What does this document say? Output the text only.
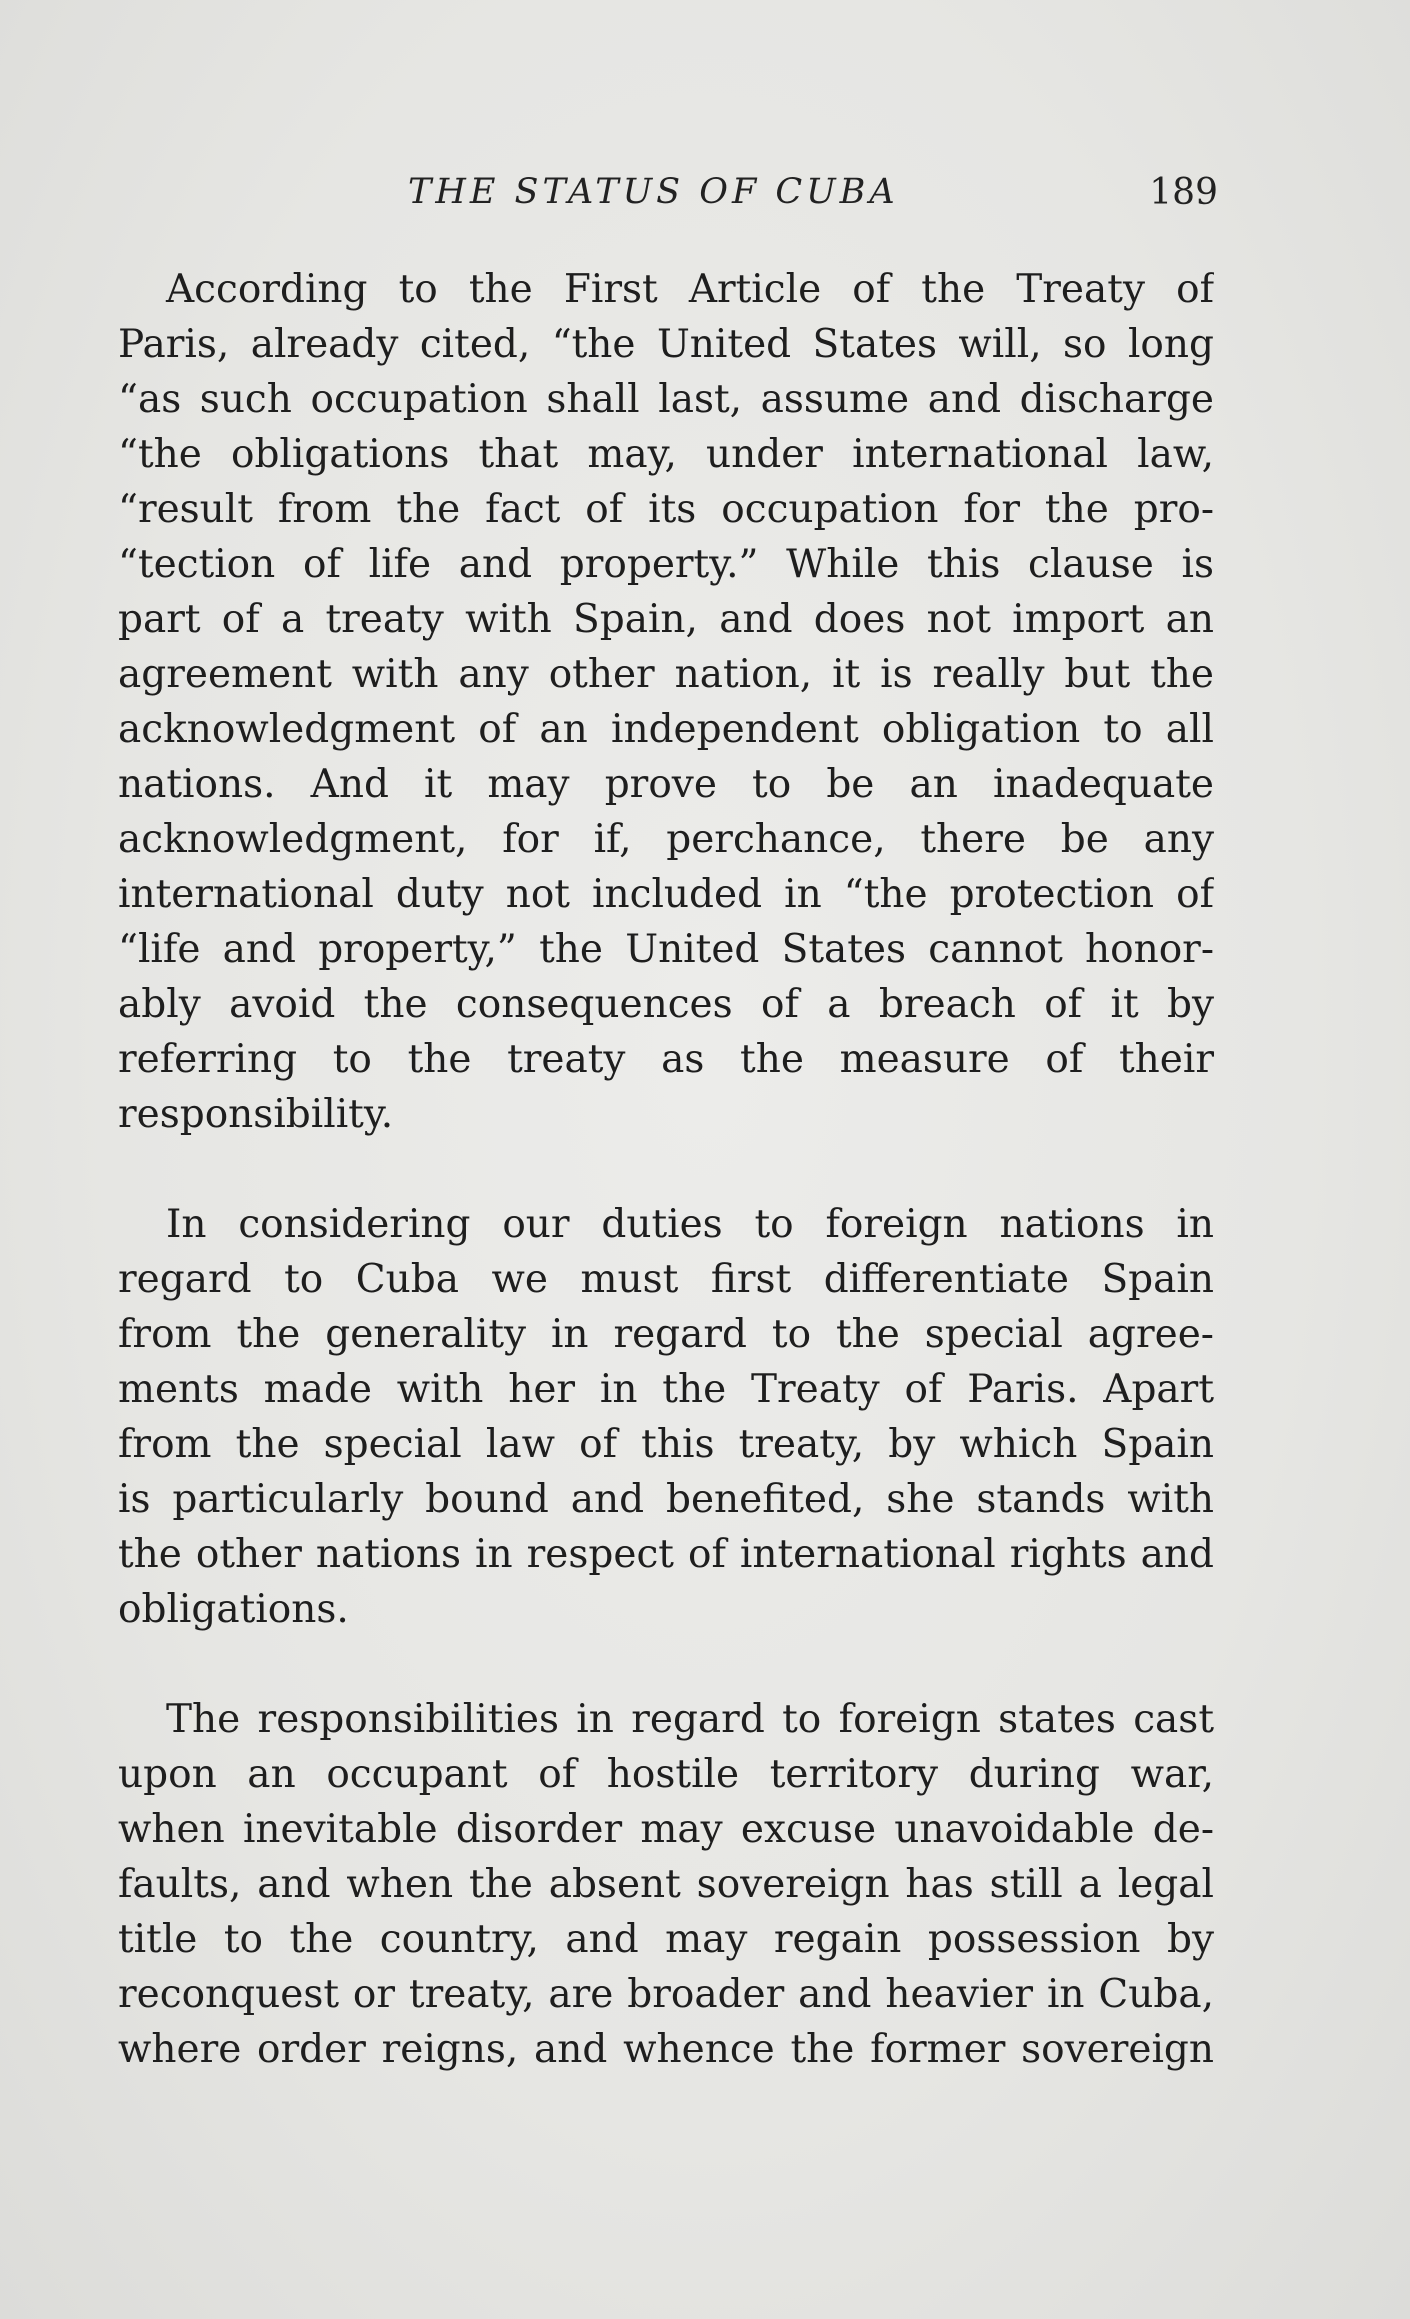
THE STATUS OF CUBA	189
According to the First Article of the Treaty of
Paris, already cited, “the United States will, so long
“as such occupation shall last, assume and discharge
“the obligations that may, under international law,
“result from the fact of its occupation for the pro-
“tection of life and property.” While this clause is
part of a treaty with Spain, and does not import an
agreement with any other nation, it is really but the
acknowledgment of an independent obligation to all
nations. And it may prove to be an inadequate
acknowledgment, for if, perchance, there be any
international duty not included in “the protection of
“life and property,” the United States cannot honor-
ably avoid the consequences of a breach of it by
referring to the treaty as the measure of their
responsibility.
In considering our duties to foreign nations in
regard to Cuba we must first differentiate Spain
from the generality in regard to the special agree-
ments made with her in the Treaty of Paris. Apart
from the special law of this treaty, by which Spain
is particularly bound and benefited, she stands with
the other nations in respect of international rights and
obligations.
The responsibilities in regard to foreign states cast
upon an occupant of hostile territory during war,
when inevitable disorder may excuse unavoidable de-
faults, and when the absent sovereign has still a legal
title to the country, and may regain possession by
reconquest or treaty, are broader and heavier in Cuba,
where order reigns, and whence the former sovereign
